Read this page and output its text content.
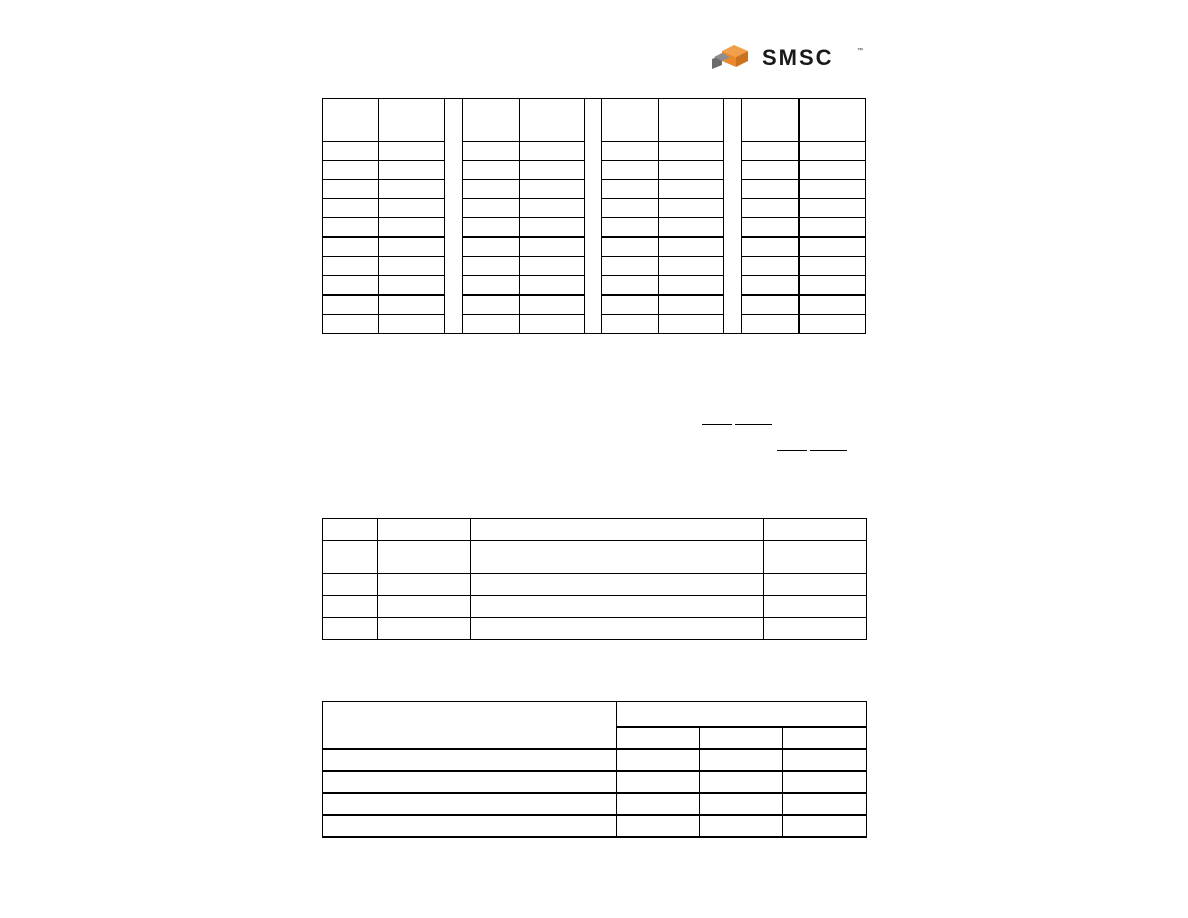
SMSC	™
